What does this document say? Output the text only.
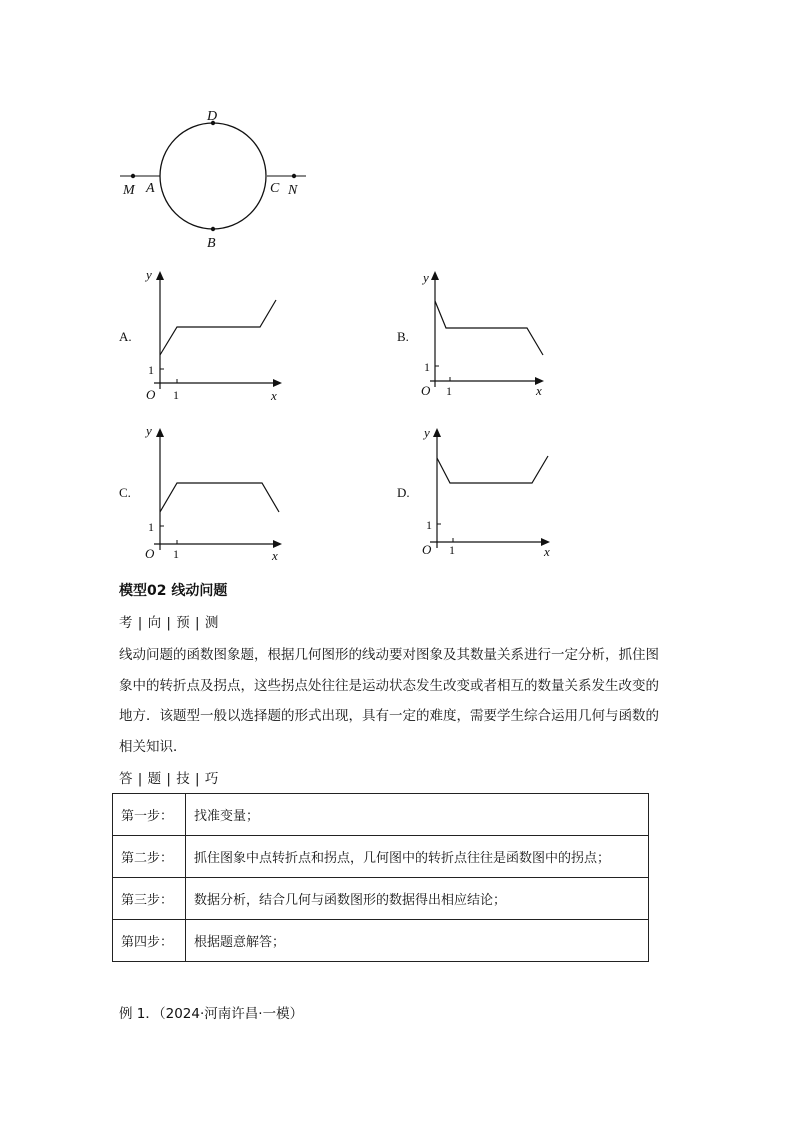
D
B
M A	C N
A.	B.
C.	D.
y
x
O 1
1
y
x
O 1
1
y
x
O 1
1
y
x
O 1
1
模型02 线动问题
考 | 向 | 预 | 测
线动问题的函数图象题，根据几何图形的线动要对图象及其数量关系进行一定分析，抓住图
象中的转折点及拐点，这些拐点处往往是运动状态发生改变或者相互的数量关系发生改变的
地方．该题型一般以选择题的形式出现，具有一定的难度，需要学生综合运用几何与函数的
相关知识．
答 | 题 | 技 | 巧
第一步：	找准变量；
第二步：	抓住图象中点转折点和拐点，几何图中的转折点往往是函数图中的拐点；
第三步：	数据分析，结合几何与函数图形的数据得出相应结论；
第四步：	根据题意解答；
例 1．（2024·河南许昌·一模）
